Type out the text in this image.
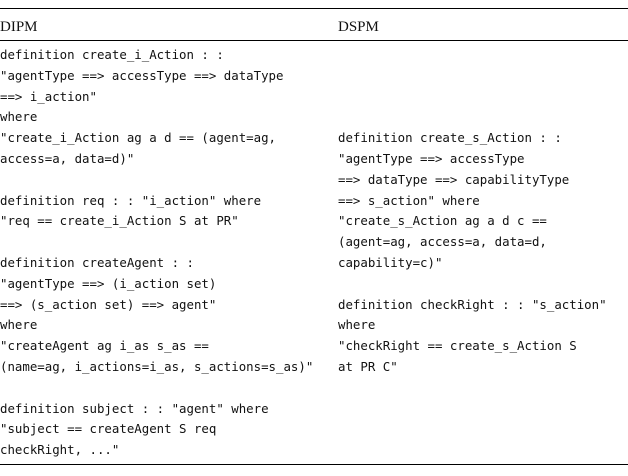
DIPM	DSPM
definition create_i_Action : :
"agentType ==> accessType ==> dataType
==> i_action"
where
"create_i_Action ag a d == (agent=ag,
access=a, data=d)"
definition req : : "i_action" where
"req == create_i_Action S at PR"
definition createAgent : :
"agentType ==> (i_action set)
==> (s_action set) ==> agent"
where
"createAgent ag i_as s_as ==
(name=ag, i_actions=i_as, s_actions=s_as)"
definition subject : : "agent" where
"subject == createAgent S req
checkRight, ..."
definition create_s_Action : :
"agentType ==> accessType
==> dataType ==> capabilityType
==> s_action" where
"create_s_Action ag a d c ==
(agent=ag, access=a, data=d,
capability=c)"
definition checkRight : : "s_action"
where
"checkRight == create_s_Action S
at PR C"
